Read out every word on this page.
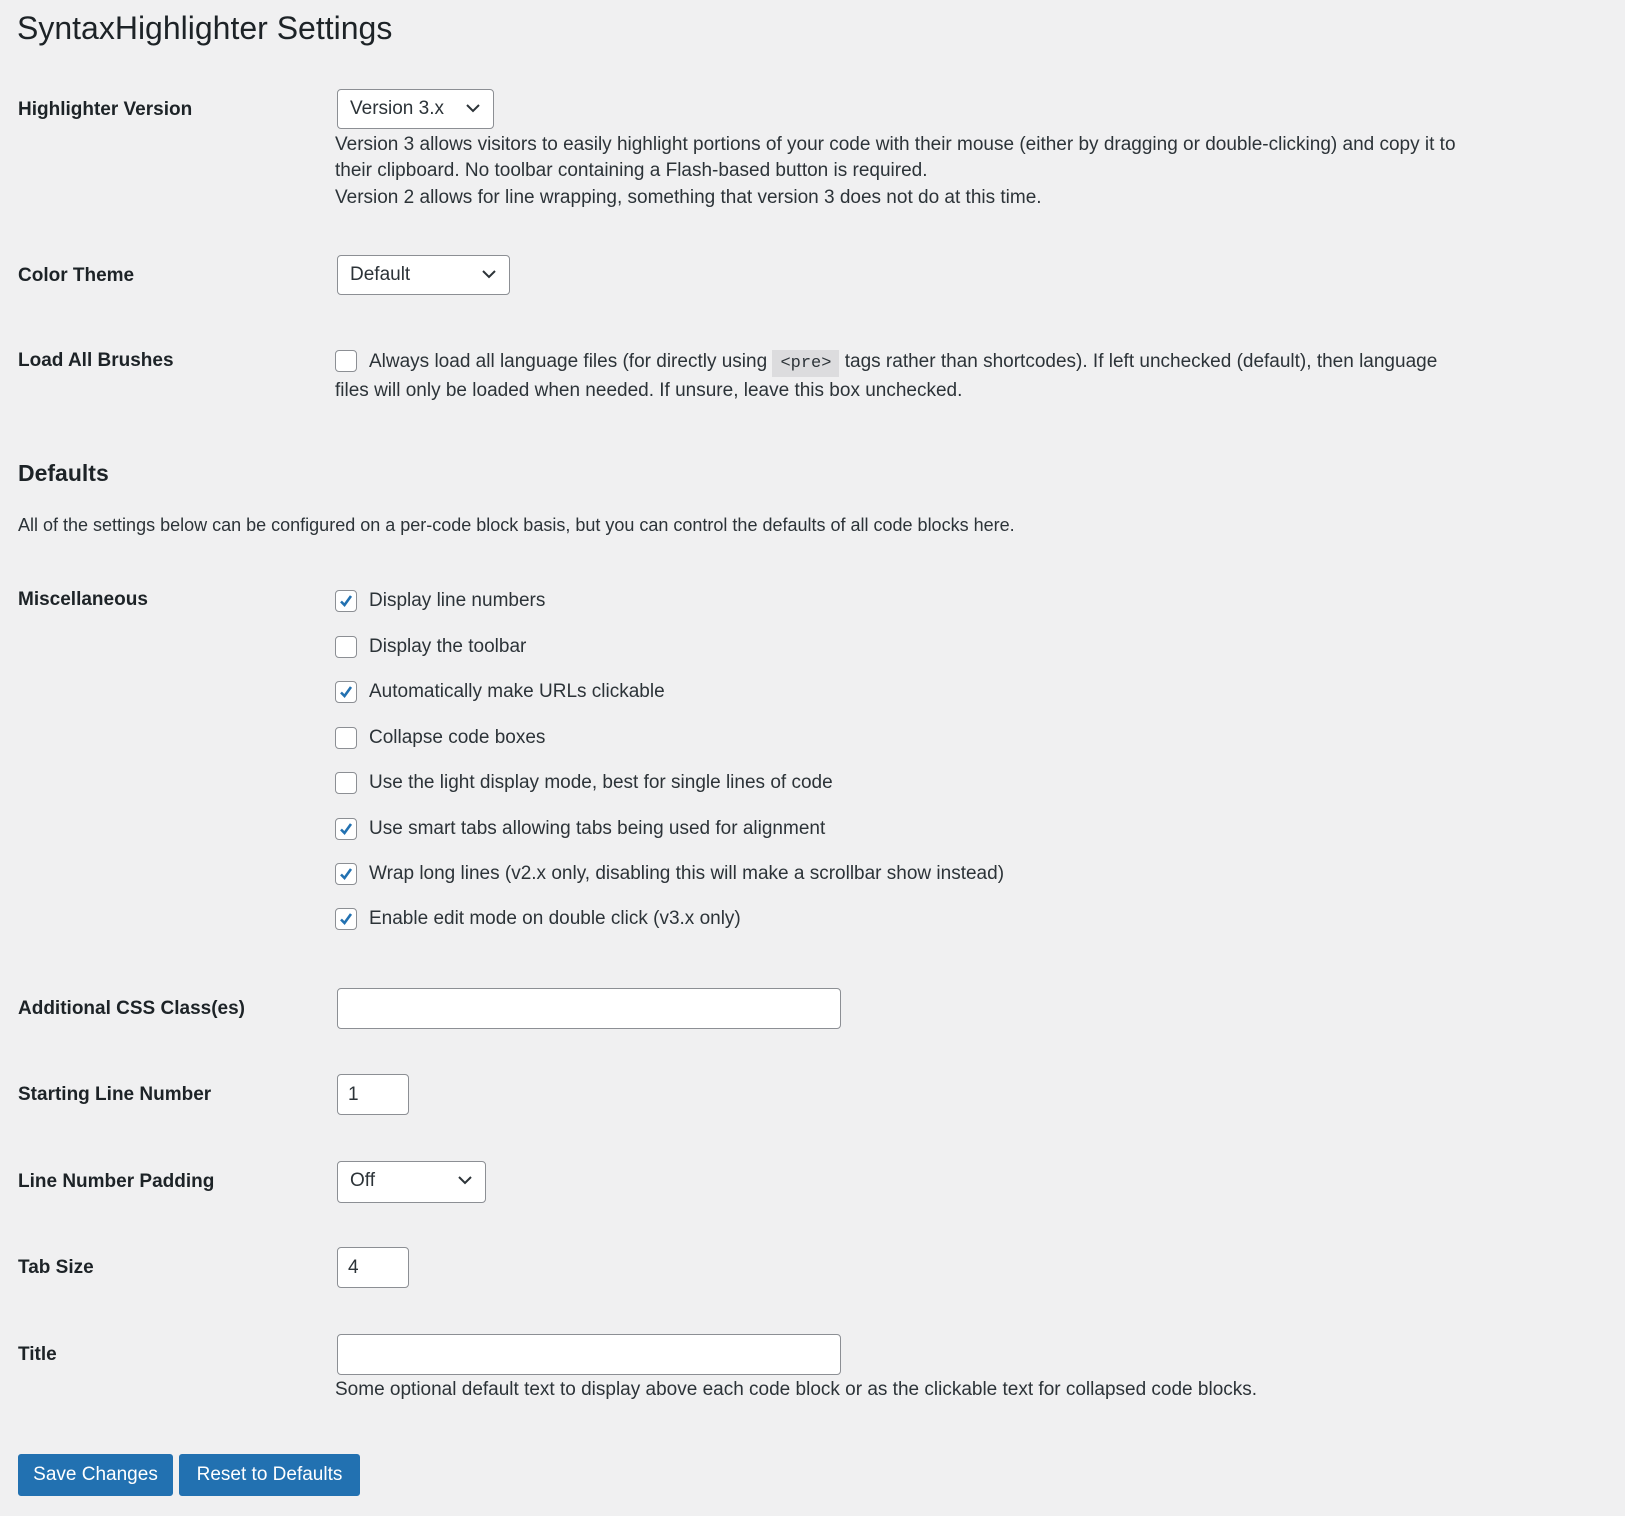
SyntaxHighlighter Settings
Highlighter Version	Version 3.x
Version 3 allows visitors to easily highlight portions of your code with their mouse (either by dragging or double-clicking) and copy it to
their clipboard. No toolbar containing a Flash-based button is required.
Version 2 allows for line wrapping, something that version 3 does not do at this time.
Color Theme	Default
Load All Brushes	Always load all language files (for directly using <pre> tags rather than shortcodes). If left unchecked (default), then language
files will only be loaded when needed. If unsure, leave this box unchecked.
Defaults
All of the settings below can be configured on a per-code block basis, but you can control the defaults of all code blocks here.
Miscellaneous	Display line numbers
Display the toolbar
Automatically make URLs clickable
Collapse code boxes
Use the light display mode, best for single lines of code
Use smart tabs allowing tabs being used for alignment
Wrap long lines (v2.x only, disabling this will make a scrollbar show instead)
Enable edit mode on double click (v3.x only)
Additional CSS Class(es)
Starting Line Number	1
Line Number Padding	Off
Tab Size	4
Title
Some optional default text to display above each code block or as the clickable text for collapsed code blocks.
Save Changes	Reset to Defaults
